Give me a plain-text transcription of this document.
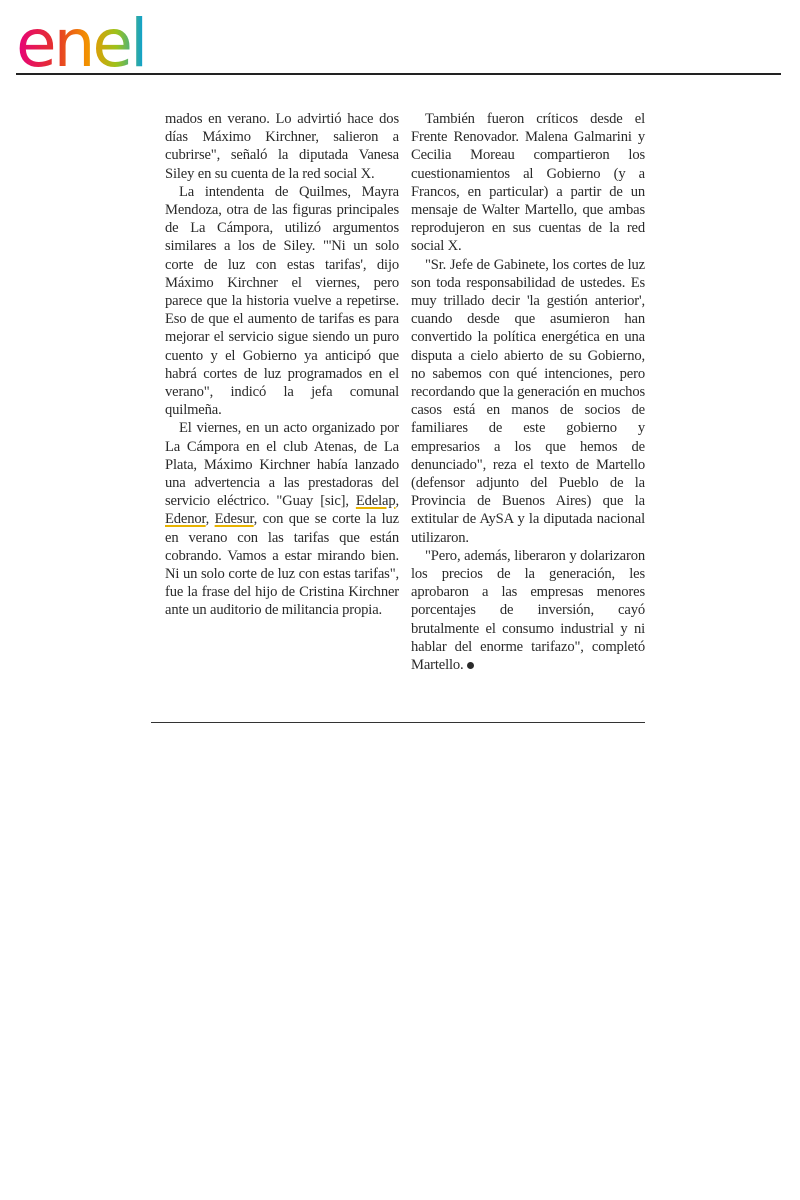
enel

mados en verano. Lo advirtió hace dos días Máximo Kirchner, salieron a cubrirse", señaló la diputada Vanesa Siley en su cuenta de la red social X.

La intendenta de Quilmes, Mayra Mendoza, otra de las figuras principales de La Cámpora, utilizó argumentos similares a los de Siley. "'Ni un solo corte de luz con estas tarifas', dijo Máximo Kirchner el viernes, pero parece que la historia vuelve a repetirse. Eso de que el aumento de tarifas es para mejorar el servicio sigue siendo un puro cuento y el Gobierno ya anticipó que habrá cortes de luz programados en el verano", indicó la jefa comunal quilmeña.

El viernes, en un acto organizado por La Cámpora en el club Atenas, de La Plata, Máximo Kirchner había lanzado una advertencia a las prestadoras del servicio eléctrico. "Guay [sic], Edelap, Edenor, Edesur, con que se corte la luz en verano con las tarifas que están cobrando. Vamos a estar mirando bien. Ni un solo corte de luz con estas tarifas", fue la frase del hijo de Cristina Kirchner ante un auditorio de militancia propia.

También fueron críticos desde el Frente Renovador. Malena Galmarini y Cecilia Moreau compartieron los cuestionamientos al Gobierno (y a Francos, en particular) a partir de un mensaje de Walter Martello, que ambas reprodujeron en sus cuentas de la red social X.

"Sr. Jefe de Gabinete, los cortes de luz son toda responsabilidad de ustedes. Es muy trillado decir 'la gestión anterior', cuando desde que asumieron han convertido la política energética en una disputa a cielo abierto de su Gobierno, no sabemos con qué intenciones, pero recordando que la generación en muchos casos está en manos de socios de familiares de este gobierno y empresarios a los que hemos de denunciado", reza el texto de Martello (defensor adjunto del Pueblo de la Provincia de Buenos Aires) que la extitular de AySA y la diputada nacional utilizaron.

"Pero, además, liberaron y dolarizaron los precios de la generación, les aprobaron a las empresas menores porcentajes de inversión, cayó brutalmente el consumo industrial y ni hablar del enorme tarifazo", completó Martello.
